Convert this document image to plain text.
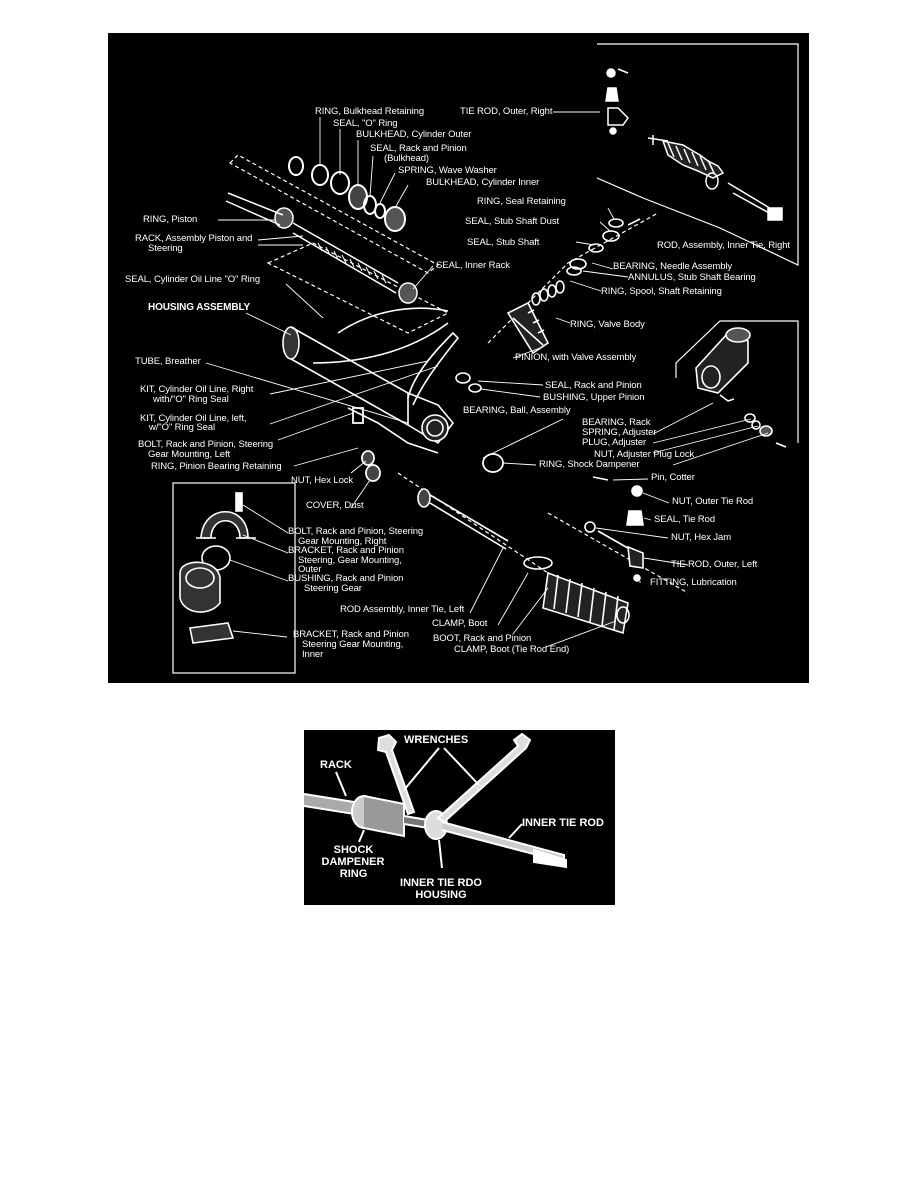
RING, Bulkhead Retaining	TIE ROD, Outer, Right
SEAL, "O" Ring
BULKHEAD, Cylinder Outer
SEAL, Rack and Pinion
(Bulkhead)
SPRING, Wave Washer
BULKHEAD, Cylinder Inner
RING, Seal Retaining
SEAL, Stub Shaft Dust
RING, Piston
RACK, Assembly Piston and
Steering
SEAL, Stub Shaft	ROD, Assembly, Inner Tie, Right
SEAL, Inner Rack	BEARING, Needle Assembly
ANNULUS, Stub Shaft Bearing
SEAL, Cylinder Oil Line "O" Ring
RING, Spool, Shaft Retaining
HOUSING ASSEMBLY
RING, Valve Body
TUBE, Breather	PINION, with Valve Assembly
KIT, Cylinder Oil Line, Right
with/"O" Ring Seal
SEAL, Rack and Pinion
BUSHING, Upper Pinion
KIT, Cylinder Oil Line, left,
w/"O" Ring Seal
BEARING, Ball, Assembly
BEARING, Rack
SPRING, Adjuster
PLUG, Adjuster
BOLT, Rack and Pinion, Steering
Gear Mounting, Left	NUT, Adjuster Plug Lock
RING, Pinion Bearing Retaining	RING, Shock Dampener
NUT, Hex Lock	Pin, Cotter
COVER, Dust	NUT, Outer Tie Rod
SEAL, Tie Rod
BOLT, Rack and Pinion, Steering
Gear Mounting, Right	NUT, Hex Jam
BRACKET, Rack and Pinion
Steering, Gear Mounting,
Outer	TIE ROD, Outer, Left
BUSHING, Rack and Pinion
Steering Gear
FITTING, Lubrication
ROD Assembly, Inner Tie, Left
CLAMP, Boot
BRACKET, Rack and Pinion
Steering Gear Mounting,
Inner
BOOT, Rack and Pinion
CLAMP, Boot (Tie Rod End)
WRENCHES
RACK
INNER TIE ROD
SHOCK
DAMPENER
RING
INNER TIE RDO
HOUSING
